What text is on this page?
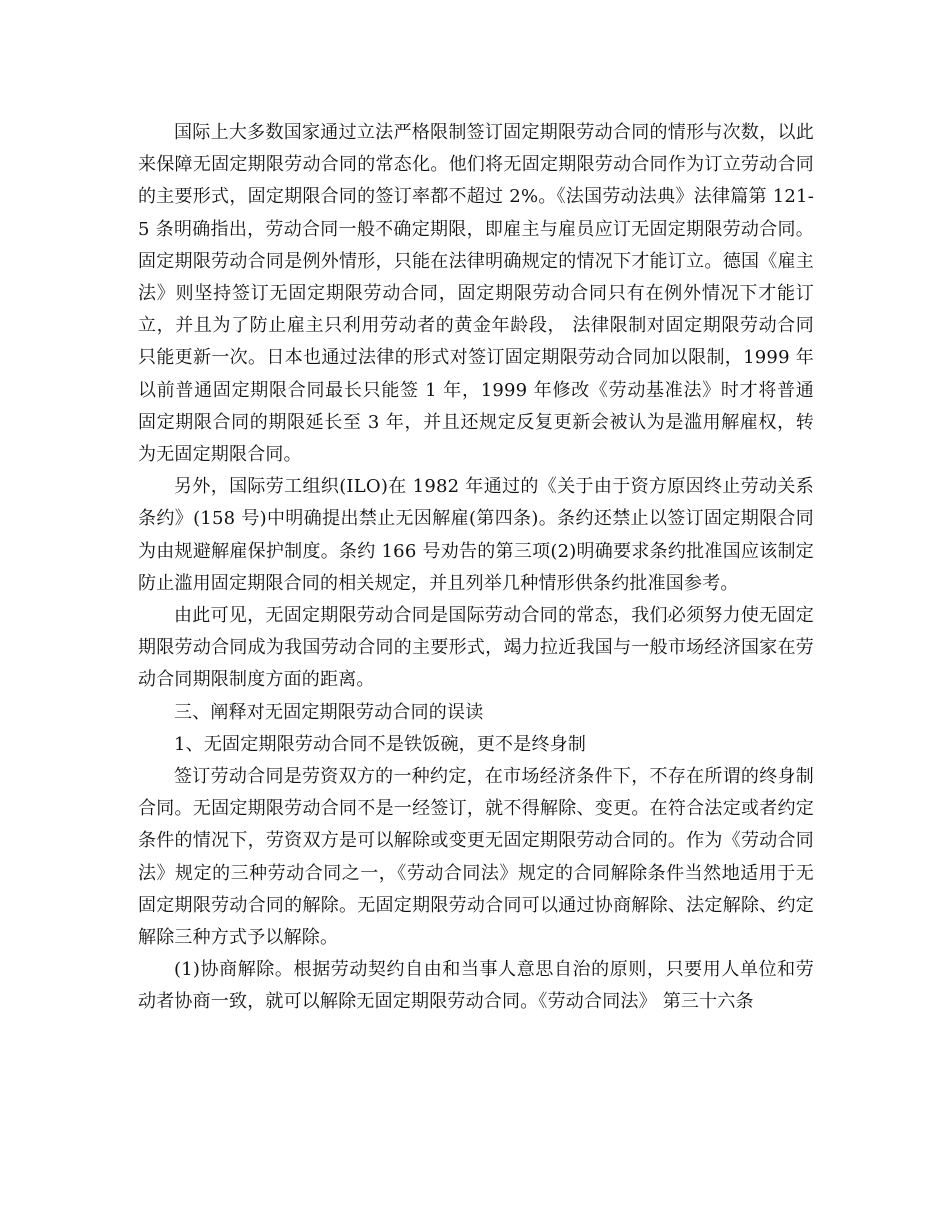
国际上大多数国家通过立法严格限制签订固定期限劳动合同的情形与次数，以此来保障无固定期限劳动合同的常态化。他们将无固定期限劳动合同作为订立劳动合同的主要形式，固定期限合同的签订率都不超过 2%。《法国劳动法典》法律篇第 121-5 条明确指出，劳动合同一般不确定期限，即雇主与雇员应订无固定期限劳动合同。固定期限劳动合同是例外情形，只能在法律明确规定的情况下才能订立。德国《雇主法》则坚持签订无固定期限劳动合同，固定期限劳动合同只有在例外情况下才能订立，并且为了防止雇主只利用劳动者的黄金年龄段， 法律限制对固定期限劳动合同只能更新一次。日本也通过法律的形式对签订固定期限劳动合同加以限制，1999 年以前普通固定期限合同最长只能签 1 年，1999 年修改《劳动基准法》时才将普通固定期限合同的期限延长至 3 年，并且还规定反复更新会被认为是滥用解雇权，转为无固定期限合同。

另外，国际劳工组织(ILO)在 1982 年通过的《关于由于资方原因终止劳动关系条约》(158 号)中明确提出禁止无因解雇(第四条)。条约还禁止以签订固定期限合同为由规避解雇保护制度。条约 166 号劝告的第三项(2)明确要求条约批准国应该制定防止滥用固定期限合同的相关规定，并且列举几种情形供条约批准国参考。

由此可见，无固定期限劳动合同是国际劳动合同的常态，我们必须努力使无固定期限劳动合同成为我国劳动合同的主要形式，竭力拉近我国与一般市场经济国家在劳动合同期限制度方面的距离。

三、阐释对无固定期限劳动合同的误读

1、无固定期限劳动合同不是铁饭碗，更不是终身制

签订劳动合同是劳资双方的一种约定，在市场经济条件下，不存在所谓的终身制合同。无固定期限劳动合同不是一经签订，就不得解除、变更。在符合法定或者约定条件的情况下，劳资双方是可以解除或变更无固定期限劳动合同的。作为《劳动合同法》规定的三种劳动合同之一，《劳动合同法》规定的合同解除条件当然地适用于无固定期限劳动合同的解除。无固定期限劳动合同可以通过协商解除、法定解除、约定解除三种方式予以解除。

(1)协商解除。根据劳动契约自由和当事人意思自治的原则，只要用人单位和劳动者协商一致，就可以解除无固定期限劳动合同。《劳动合同法》 第三十六条
